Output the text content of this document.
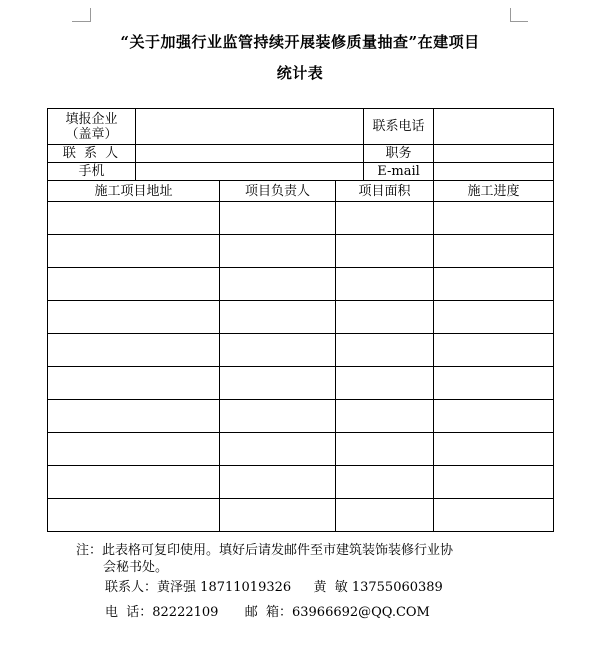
“关于加强行业监管持续开展装修质量抽查”在建项目
统计表
填报企业
（盖章）				联系电话	
联 系 人				职务	
手机				E-mail	
施工项目地址		项目负责人	项目面积		施工进度

注：此表格可复印使用。填好后请发邮件至市建筑装饰装修行业协
会秘书处。
联系人：黄泽强 18711019326 黄  敏 13755060389
电  话：82222109 邮  箱：63966692@QQ.COM
